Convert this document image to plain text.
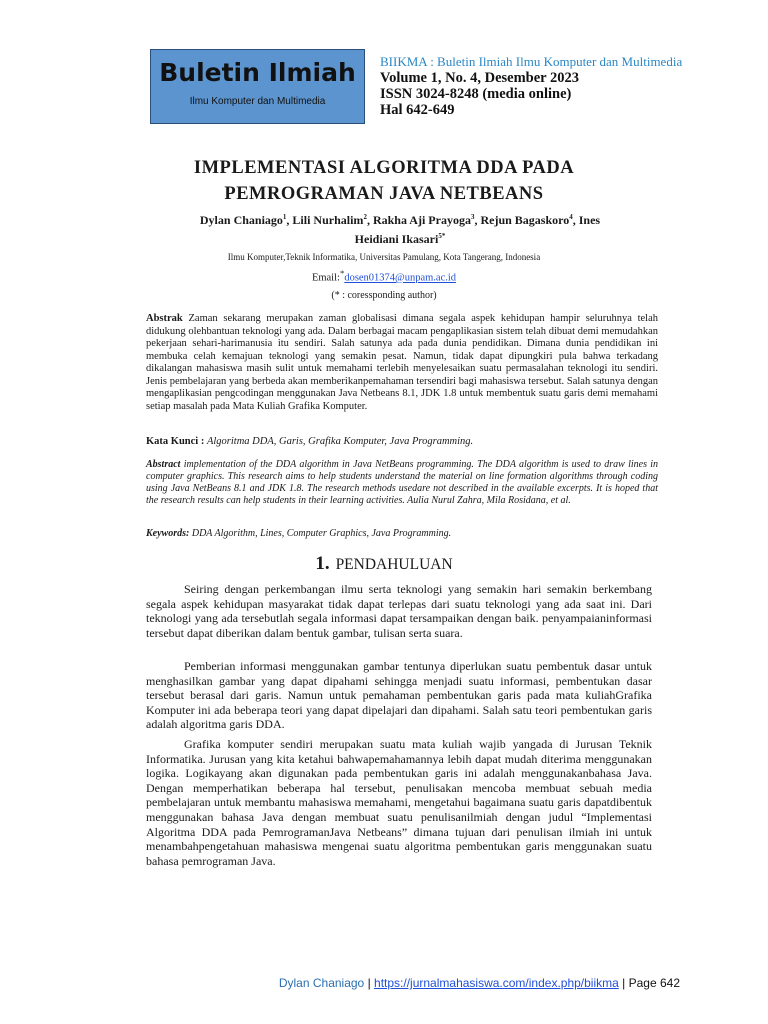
Buletin Ilmiah
Ilmu Komputer dan Multimedia
BIIKMA : Buletin Ilmiah Ilmu Komputer dan Multimedia
Volume 1, No. 4, Desember 2023
ISSN 3024-8248 (media online)
Hal 642-649
IMPLEMENTASI ALGORITMA DDA PADA
PEMROGRAMAN JAVA NETBEANS
Dylan Chaniago$^1$, Lili Nurhalim$^2$, Rakha Aji Prayoga$^3$, Rejun Bagaskoro$^4$, Ines
Heidiani Ikasari$^{5*}$
Ilmu Komputer,Teknik Informatika, Universitas Pamulang, Kota Tangerang, Indonesia
Email:*dosen01374@unpam.ac.id
(* : coressponding author)
Abstrak Zaman sekarang merupakan zaman globalisasi dimana segala aspek kehidupan hampir seluruhnya telah didukung olehbantuan teknologi yang ada. Dalam berbagai macam pengaplikasian sistem telah dibuat demi memudahkan pekerjaan sehari-harimanusia itu sendiri. Salah satunya ada pada dunia pendidikan. Dimana dunia pendidikan ini membuka celah kemajuan teknologi yang semakin pesat. Namun, tidak dapat dipungkiri pula bahwa terkadang dikalangan mahasiswa masih sulit untuk memahami terlebih menyelesaikan suatu permasalahan teknologi itu sendiri. Jenis pembelajaran yang berbeda akan memberikanpemahaman tersendiri bagi mahasiswa tersebut. Salah satunya dengan mengaplikasian pengcodingan menggunakan Java Netbeans 8.1, JDK 1.8 untuk membentuk suatu garis demi memahami setiap masalah pada Mata Kuliah Grafika Komputer.
Kata Kunci : Algoritma DDA, Garis, Grafika Komputer, Java Programming.
Abstract implementation of the DDA algorithm in Java NetBeans programming. The DDA algorithm is used to draw lines in computer graphics. This research aims to help students understand the material on line formation algorithms through coding using Java NetBeans 8.1 and JDK 1.8. The research methods usedare not described in the available excerpts. It is hoped that the research results can help students in their learning activities. Aulia Nurul Zahra, Mila Rosidana, et al.
Keywords: DDA Algorithm, Lines, Computer Graphics, Java Programming.
1. PENDAHULUAN
Seiring dengan perkembangan ilmu serta teknologi yang semakin hari semakin berkembang segala aspek kehidupan masyarakat tidak dapat terlepas dari suatu teknologi yang ada saat ini. Dari teknologi yang ada tersebutlah segala informasi dapat tersampaikan dengan baik. penyampaianinformasi tersebut dapat diberikan dalam bentuk gambar, tulisan serta suara.
Pemberian informasi menggunakan gambar tentunya diperlukan suatu pembentuk dasar untuk menghasilkan gambar yang dapat dipahami sehingga menjadi suatu informasi, pembentukan dasar tersebut berasal dari garis. Namun untuk pemahaman pembentukan garis pada mata kuliahGrafika Komputer ini ada beberapa teori yang dapat dipelajari dan dipahami. Salah satu teori pembentukan garis adalah algoritma garis DDA.
Grafika komputer sendiri merupakan suatu mata kuliah wajib yangada di Jurusan Teknik Informatika. Jurusan yang kita ketahui bahwapemahamannya lebih dapat mudah diterima menggunakan logika. Logikayang akan digunakan pada pembentukan garis ini adalah menggunakanbahasa Java. Dengan memperhatikan beberapa hal tersebut, penulisakan mencoba membuat sebuah media pembelajaran untuk membantu mahasiswa memahami, mengetahui bagaimana suatu garis dapatdibentuk menggunakan bahasa Java dengan membuat suatu penulisanilmiah dengan judul “Implementasi Algoritma DDA pada PemrogramanJava Netbeans” dimana tujuan dari penulisan ilmiah ini untuk menambahpengetahuan mahasiswa mengenai suatu algoritma pembentukan garis menggunakan suatu bahasa pemrograman Java.
Dylan Chaniago | https://jurnalmahasiswa.com/index.php/biikma | Page 642
